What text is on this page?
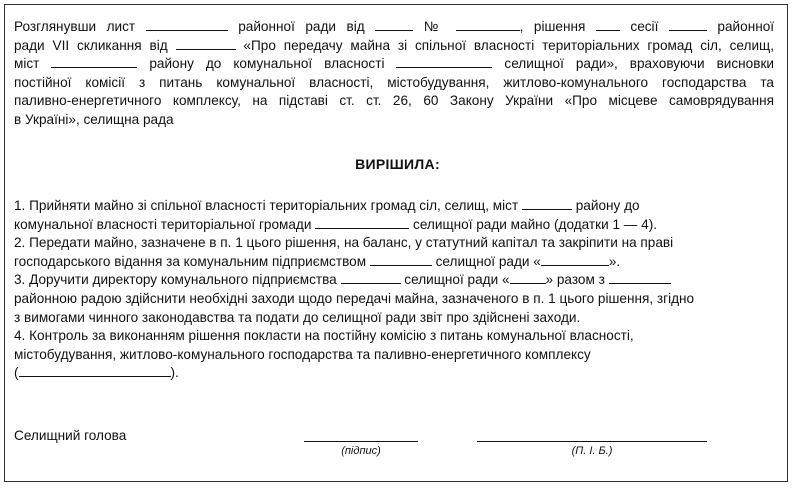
Розглянувши лист	районної ради від	№	, рішення	сесії	районної
ради VII скликання від	«Про передачу майна зі спільної власності територіальних громад сіл, селищ,
міст	району до комунальної власності	селищної ради», враховуючи висновки
постійної комісії з питань комунальної власності, містобудування, житлово-комунального господарства та
паливно-енергетичного комплексу, на підставі ст. ст. 26, 60 Закону України «Про місцеве самоврядування
в Україні», селищна рада
ВИРІШИЛА:
1. Прийняти майно зі спільної власності територіальних громад сіл, селищ, міст	району до
комунальної власності територіальної громади	селищної ради майно (додатки 1 — 4).
2. Передати майно, зазначене в п. 1 цього рішення, на баланс, у статутний капітал та закріпити на праві
господарського відання за комунальним підприємством	селищної ради «	».
3. Доручити директору комунального підприємства	селищної ради «	» разом з
районною радою здійснити необхідні заходи щодо передачі майна, зазначеного в п. 1 цього рішення, згідно
з вимогами чинного законодавства та подати до селищної ради звіт про здійснені заходи.
4. Контроль за виконанням рішення покласти на постійну комісію з питань комунальної власності,
містобудування, житлово-комунального господарства та паливно-енергетичного комплексу
(	).
Селищний голова
(підпис)	(П. І. Б.)
